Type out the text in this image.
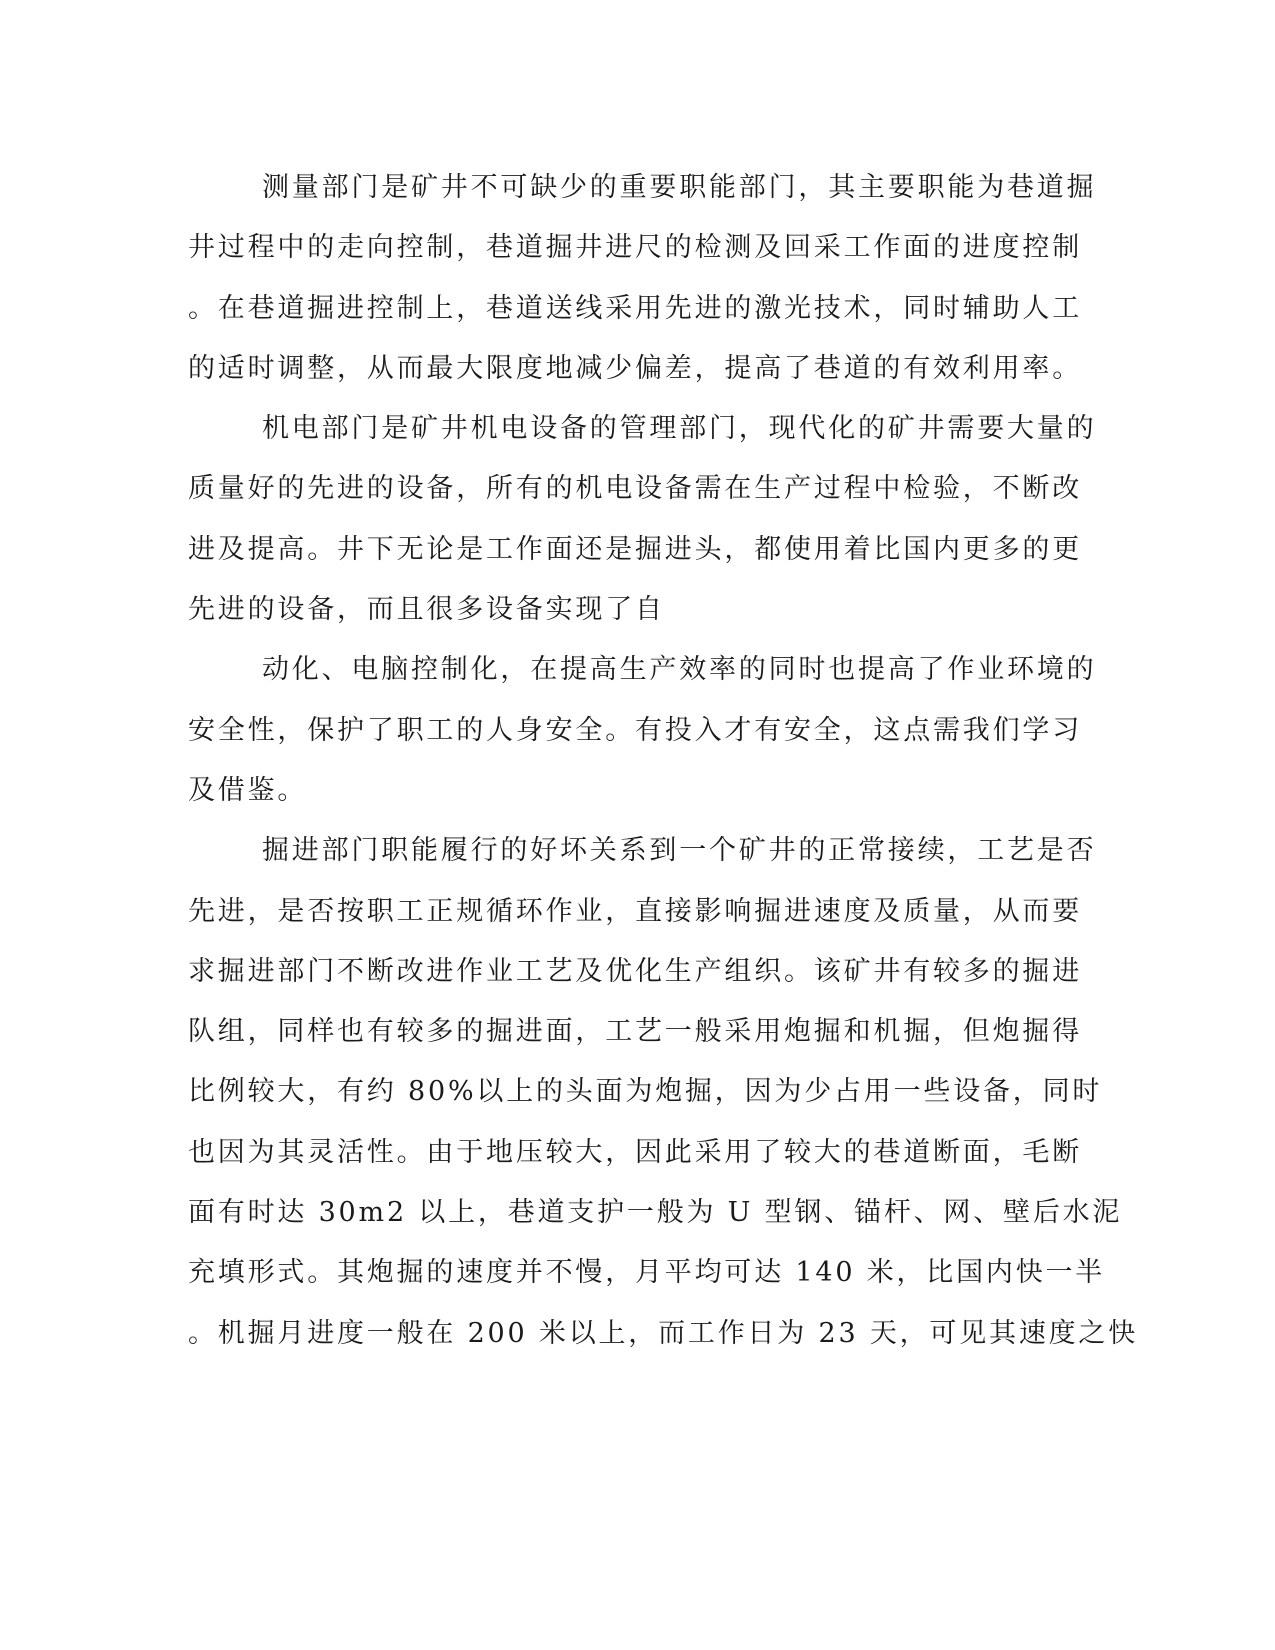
测量部门是矿井不可缺少的重要职能部门，其主要职能为巷道掘
井过程中的走向控制，巷道掘井进尺的检测及回采工作面的进度控制
。在巷道掘进控制上，巷道送线采用先进的激光技术，同时辅助人工
的适时调整，从而最大限度地减少偏差，提高了巷道的有效利用率。
机电部门是矿井机电设备的管理部门，现代化的矿井需要大量的
质量好的先进的设备，所有的机电设备需在生产过程中检验，不断改
进及提高。井下无论是工作面还是掘进头，都使用着比国内更多的更
先进的设备，而且很多设备实现了自
动化、电脑控制化，在提高生产效率的同时也提高了作业环境的
安全性，保护了职工的人身安全。有投入才有安全，这点需我们学习
及借鉴。
掘进部门职能履行的好坏关系到一个矿井的正常接续，工艺是否
先进，是否按职工正规循环作业，直接影响掘进速度及质量，从而要
求掘进部门不断改进作业工艺及优化生产组织。该矿井有较多的掘进
队组，同样也有较多的掘进面，工艺一般采用炮掘和机掘，但炮掘得
比例较大，有约 80%以上的头面为炮掘，因为少占用一些设备，同时
也因为其灵活性。由于地压较大，因此采用了较大的巷道断面，毛断
面有时达 30m2 以上，巷道支护一般为 U 型钢、锚杆、网、壁后水泥
充填形式。其炮掘的速度并不慢，月平均可达 140 米，比国内快一半
。机掘月进度一般在 200 米以上，而工作日为 23 天，可见其速度之快
